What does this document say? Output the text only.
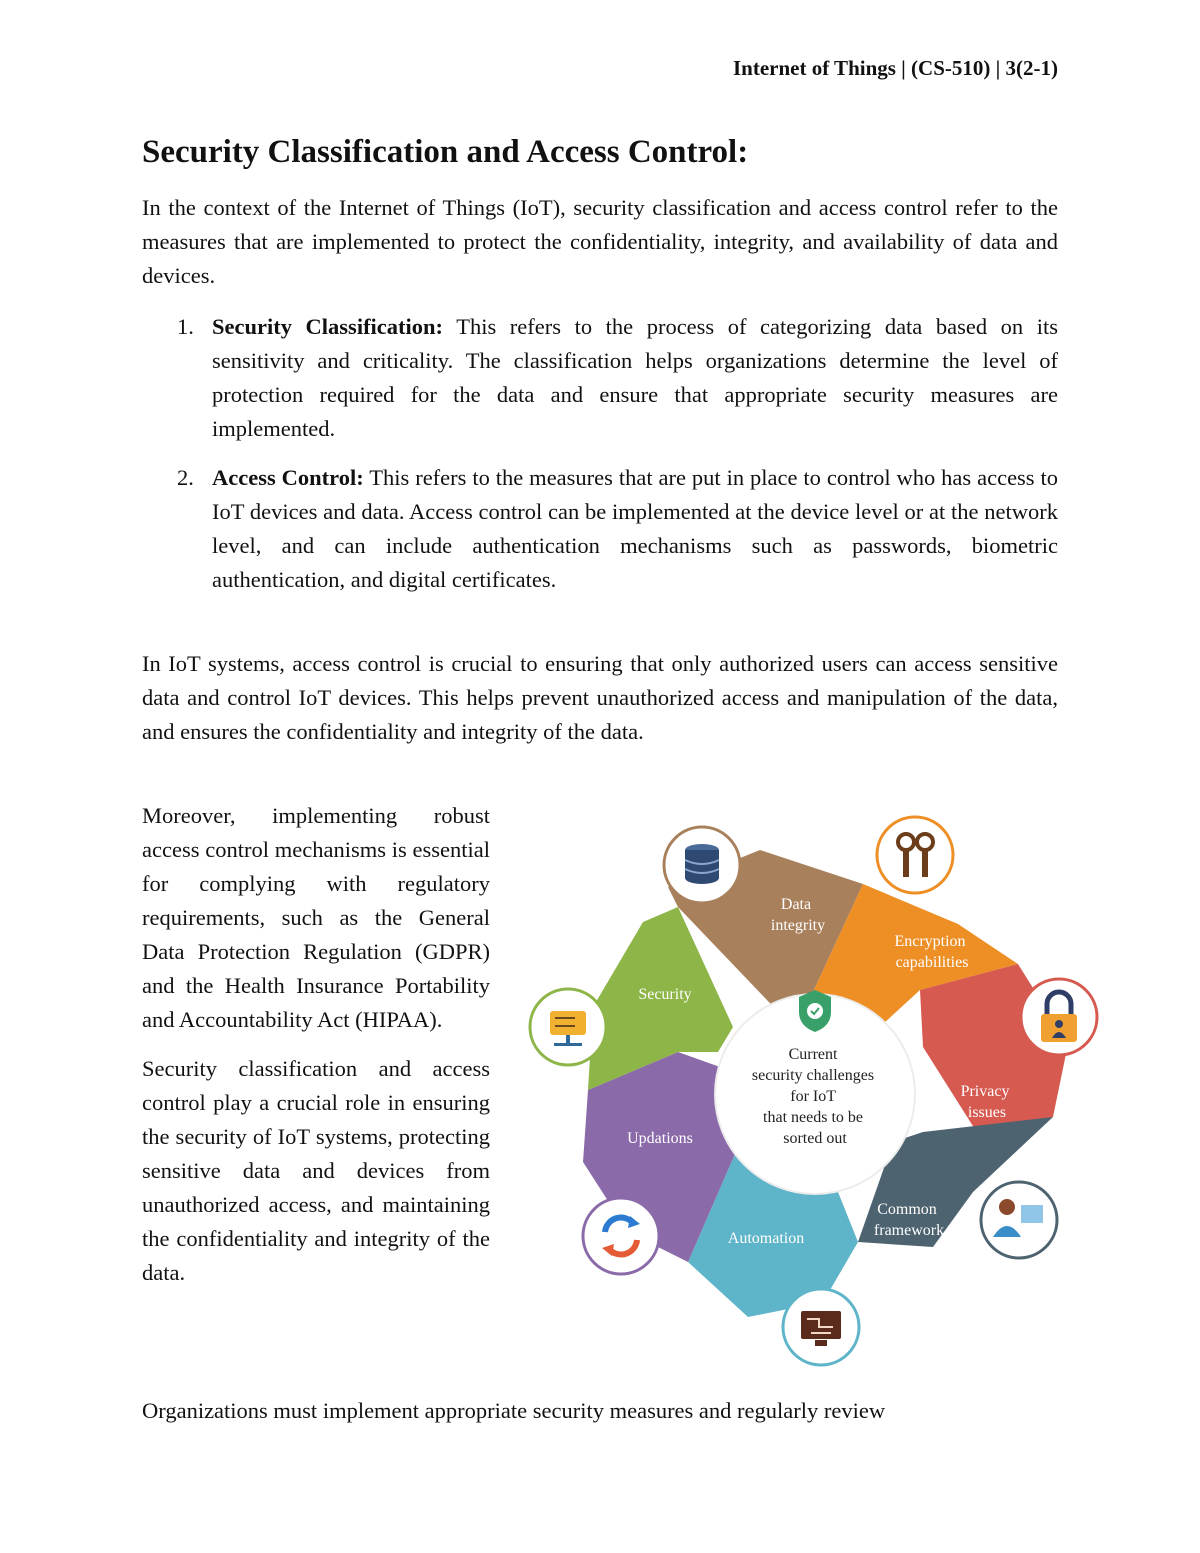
Internet of Things | (CS-510) | 3(2-1)
Security Classification and Access Control:

In the context of the Internet of Things (IoT), security classification and access control refer to the measures that are implemented to protect the confidentiality, integrity, and availability of data and devices.

1. Security Classification: This refers to the process of categorizing data based on its sensitivity and criticality. The classification helps organizations determine the level of protection required for the data and ensure that appropriate security measures are implemented.
2. Access Control: This refers to the measures that are put in place to control who has access to IoT devices and data. Access control can be implemented at the device level or at the network level, and can include authentication mechanisms such as passwords, biometric authentication, and digital certificates.

In IoT systems, access control is crucial to ensuring that only authorized users can access sensitive data and control IoT devices. This helps prevent unauthorized access and manipulation of the data, and ensures the confidentiality and integrity of the data.

Moreover, implementing robust access control mechanisms is essential for complying with regulatory requirements, such as the General Data Protection Regulation (GDPR) and the Health Insurance Portability and Accountability Act (HIPAA).

Security classification and access control play a crucial role in ensuring the security of IoT systems, protecting sensitive data and devices from unauthorized access, and maintaining the confidentiality and integrity of the data.

Organizations must implement appropriate security measures and regularly review

Current security challenges for IoT that needs to be sorted out
Data integrity
Encryption capabilities
Privacy issues
Common framework
Automation
Updations
Security
